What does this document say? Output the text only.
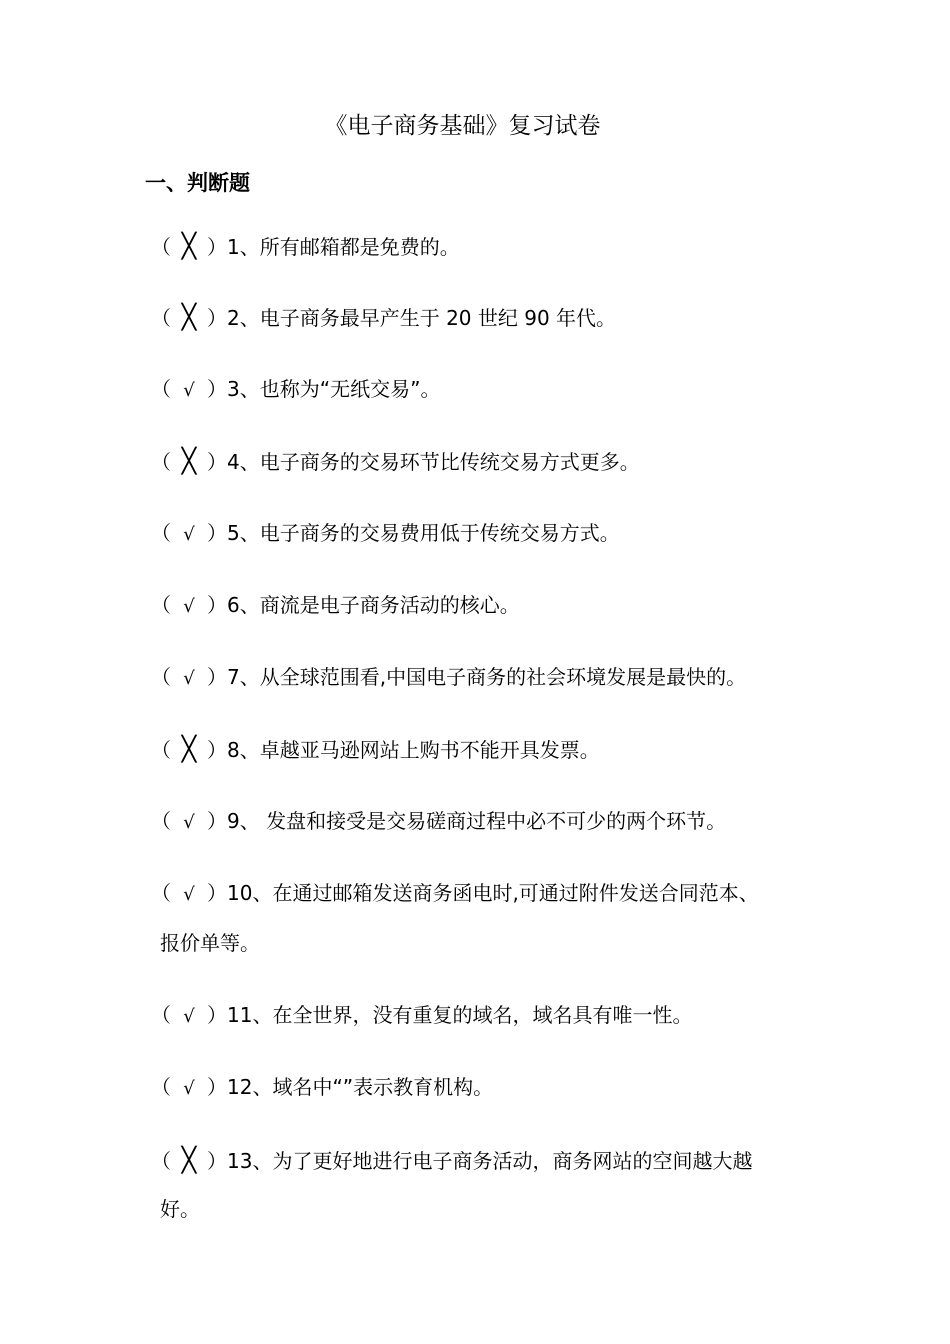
《电子商务基础》复习试卷
一、判断题
（ ╳ ）1、所有邮箱都是免费的。
（ ╳ ）2、电子商务最早产生于 20 世纪 90 年代。
（ √ ）3、也称为“无纸交易”。
（ ╳ ）4、电子商务的交易环节比传统交易方式更多。
（ √ ）5、电子商务的交易费用低于传统交易方式。
（ √ ）6、商流是电子商务活动的核心。
（ √ ）7、从全球范围看,中国电子商务的社会环境发展是最快的。
（ ╳ ）8、卓越亚马逊网站上购书不能开具发票。
（ √ ）9、 发盘和接受是交易磋商过程中必不可少的两个环节。
（ √ ）10、在通过邮箱发送商务函电时,可通过附件发送合同范本、
报价单等。
（ √ ）11、在全世界，没有重复的域名，域名具有唯一性。
（ √ ）12、域名中“”表示教育机构。
（ ╳ ）13、为了更好地进行电子商务活动，商务网站的空间越大越
好。
